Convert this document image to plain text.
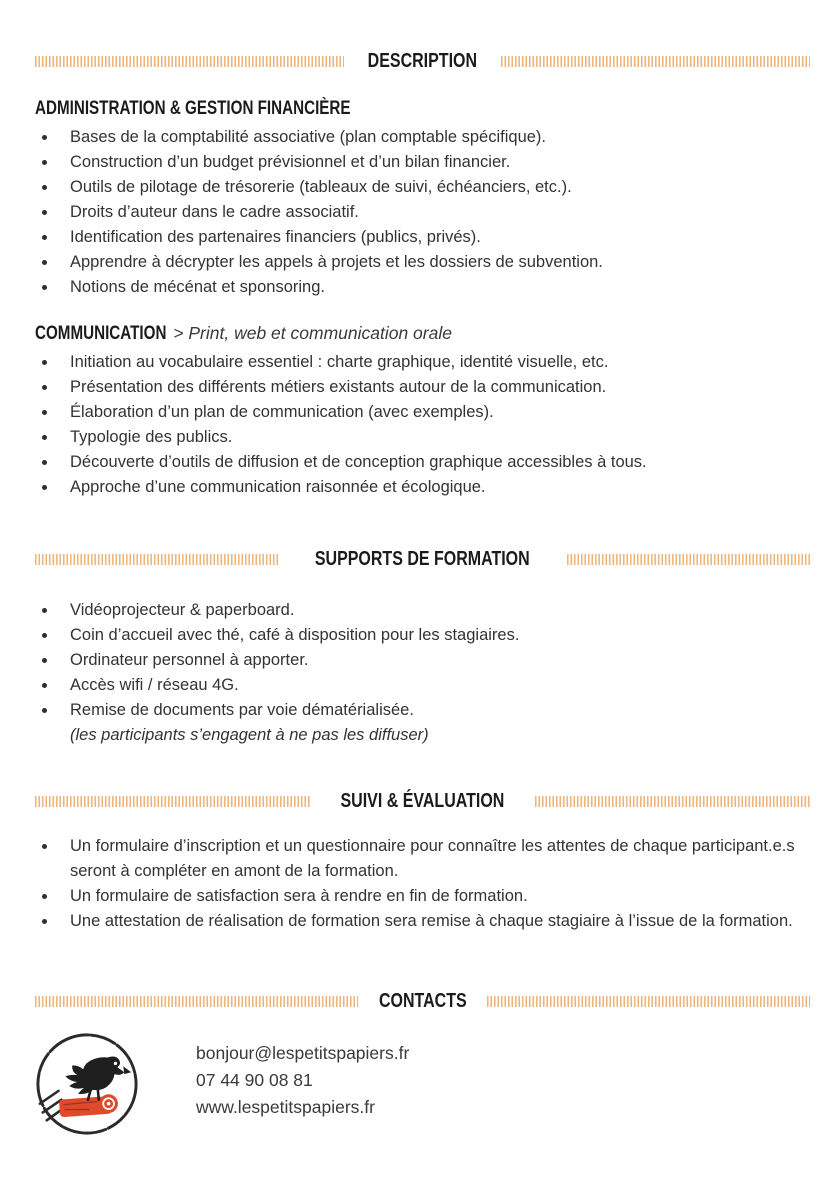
DESCRIPTION
ADMINISTRATION & GESTION FINANCIÈRE
Bases de la comptabilité associative (plan comptable spécifique).
Construction d’un budget prévisionnel et d’un bilan financier.
Outils de pilotage de trésorerie (tableaux de suivi, échéanciers, etc.).
Droits d’auteur dans le cadre associatif.
Identification des partenaires financiers (publics, privés).
Apprendre à décrypter les appels à projets et les dossiers de subvention.
Notions de mécénat et sponsoring.
COMMUNICATION > Print, web et communication orale
Initiation au vocabulaire essentiel : charte graphique, identité visuelle, etc.
Présentation des différents métiers existants autour de la communication.
Élaboration d’un plan de communication (avec exemples).
Typologie des publics.
Découverte d’outils de diffusion et de conception graphique accessibles à tous.
Approche d’une communication raisonnée et écologique.
SUPPORTS DE FORMATION
Vidéoprojecteur & paperboard.
Coin d’accueil avec thé, café à disposition pour les stagiaires.
Ordinateur personnel à apporter.
Accès wifi / réseau 4G.
Remise de documents par voie dématérialisée.
(les participants s’engagent à ne pas les diffuser)
SUIVI & ÉVALUATION
Un formulaire d’inscription et un questionnaire pour connaître les attentes de chaque participant.e.s seront à compléter en amont de la formation.
Un formulaire de satisfaction sera à rendre en fin de formation.
Une attestation de réalisation de formation sera remise à chaque stagiaire à l’issue de la formation.
CONTACTS
bonjour@lespetitspapiers.fr
07 44 90 08 81
www.lespetitspapiers.fr
